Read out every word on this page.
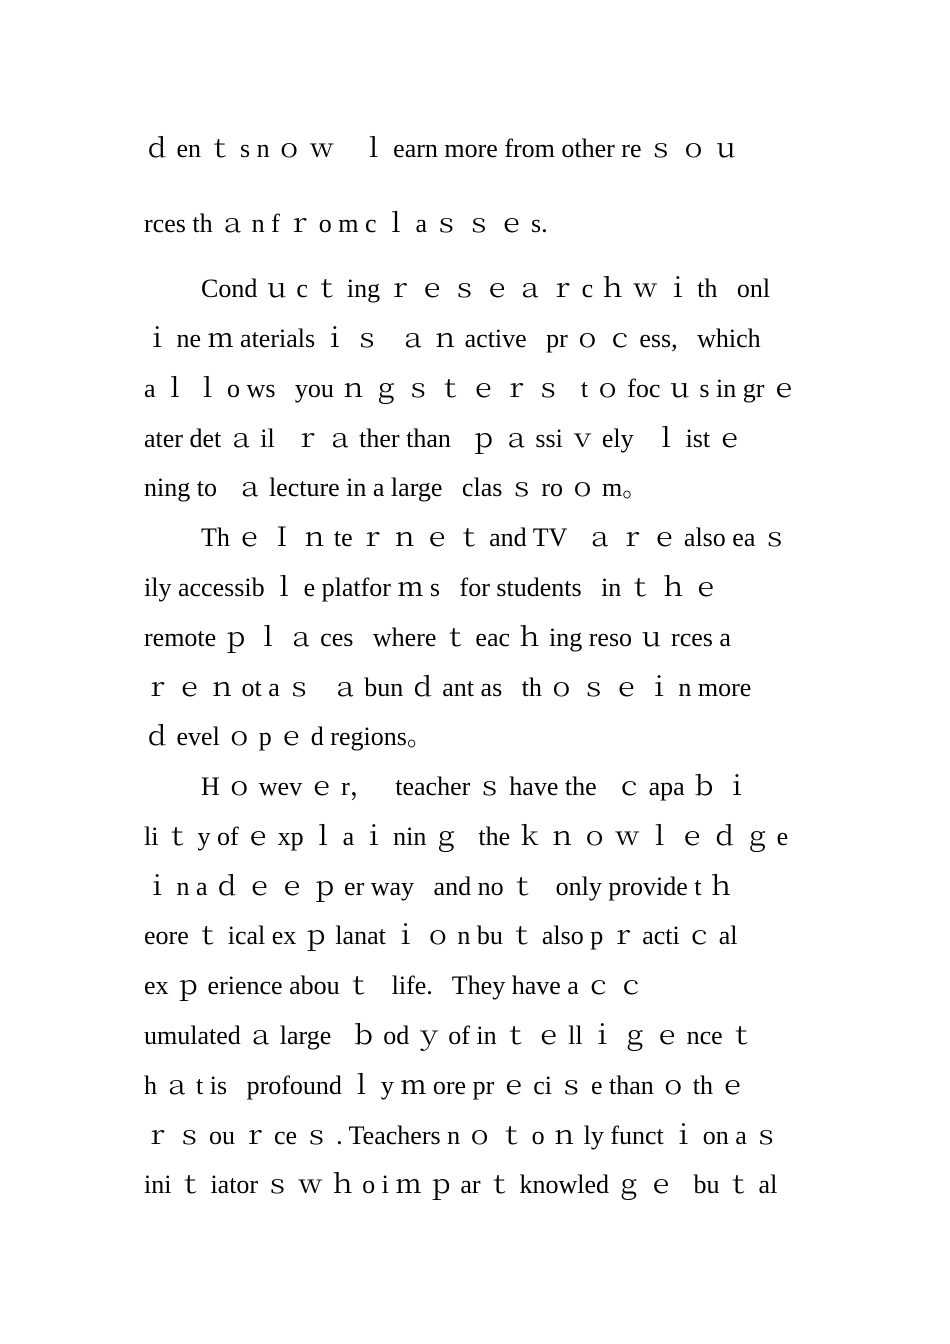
ｄ en ｔ s n ｏ ｗ    ｌ earn more from other re ｓ ｏ ｕ
rces th ａ n f ｒ o m c ｌ a ｓ ｓ ｅ s.
Cond ｕ c ｔ ing ｒ ｅ ｓ ｅ ａ ｒ c ｈ ｗ ｉ th   onl
ｉ ne ｍ aterials ｉ ｓ   ａ ｎ active   pr ｏ ｃ ess,   which
a ｌ ｌ o ws   you ｎ ｇ ｓ ｔ ｅ ｒ ｓ   t ｏ foc ｕ s in gr ｅ
ater det ａ il   ｒ ａ ther than   ｐ ａ ssi ｖ ely   ｌ ist ｅ
ning to   ａ lecture in a large   clas ｓ ro ｏ m。
Th ｅ Ｉ ｎ te ｒ ｎ ｅ ｔ and TV   ａ ｒ ｅ also ea ｓ
ily accessib ｌ e platfor ｍ s   for students   in ｔ ｈ ｅ
remote ｐ ｌ ａ ces   where ｔ eac ｈ ing reso ｕ rces a
ｒ ｅ ｎ ot a ｓ   ａ bun ｄ ant as   th ｏ ｓ ｅ ｉ n more
ｄ evel ｏ p ｅ d regions。
H ｏ wev ｅ r，   teacher ｓ have the   ｃ apa ｂ ｉ
li ｔ y of ｅ xp ｌ a ｉ nin ｇ   the ｋ ｎ ｏ ｗ ｌ ｅ ｄ ｇ e
ｉ n a ｄ ｅ ｅ ｐ er way   and no ｔ   only provide t ｈ
eore ｔ ical ex ｐ lanat ｉ ｏ n bu ｔ also p ｒ acti ｃ al
ex ｐ erience abou ｔ   life.   They have a ｃ ｃ
umulated ａ large   ｂ od ｙ of in ｔ ｅ ll ｉ ｇ ｅ nce ｔ
h ａ t is   profound ｌ y ｍ ore pr ｅ ci ｓ e than ｏ th ｅ
ｒ ｓ ou ｒ ce ｓ . Teachers n ｏ ｔ o ｎ ly funct ｉ on a ｓ
ini ｔ iator ｓ ｗ ｈ o i ｍ ｐ ar ｔ knowled ｇ ｅ   bu ｔ al
